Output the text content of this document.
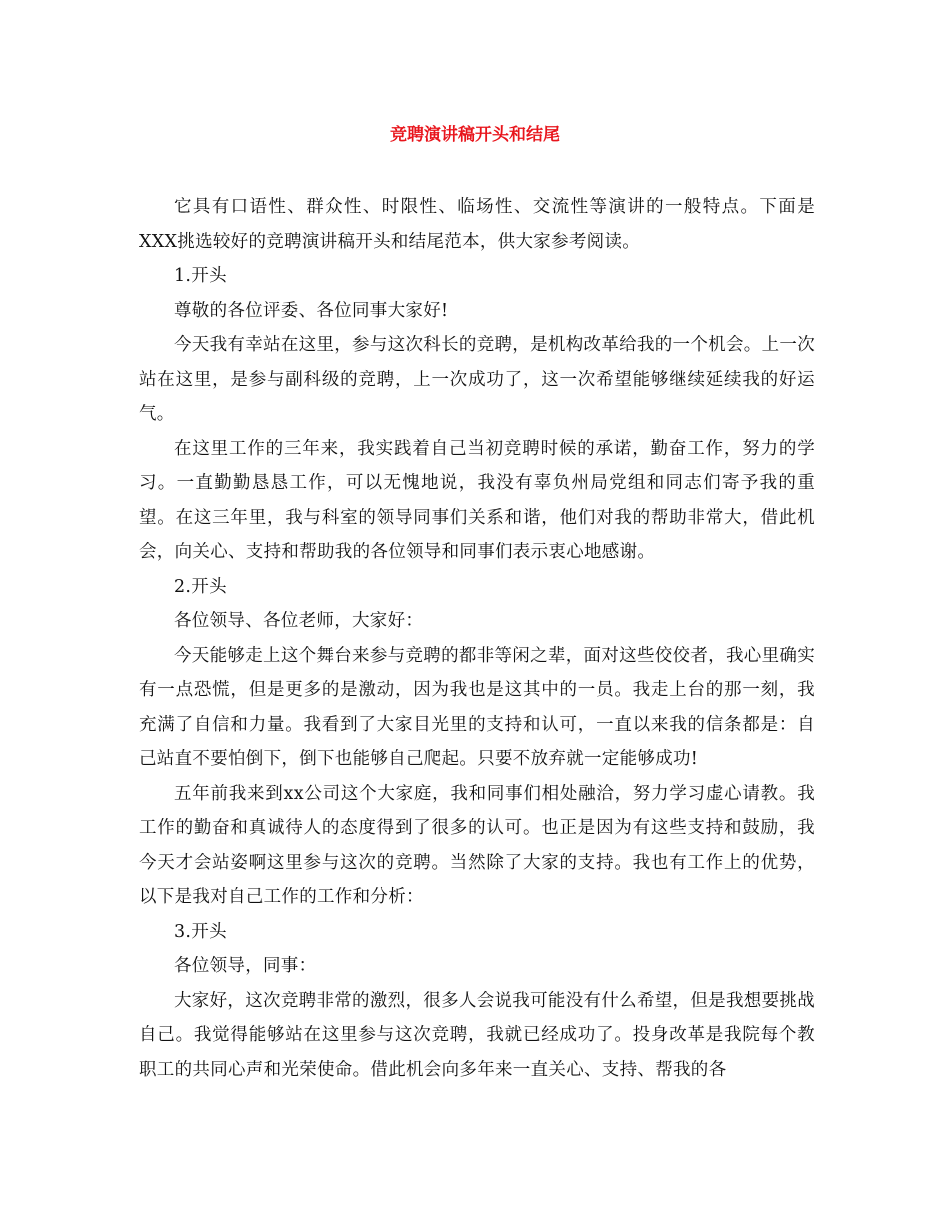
竞聘演讲稿开头和结尾

它具有口语性、群众性、时限性、临场性、交流性等演讲的一般特点。下面是XXX挑选较好的竞聘演讲稿开头和结尾范本，供大家参考阅读。

1.开头

尊敬的各位评委、各位同事大家好!

今天我有幸站在这里，参与这次科长的竞聘，是机构改革给我的一个机会。上一次站在这里，是参与副科级的竞聘，上一次成功了，这一次希望能够继续延续我的好运气。

在这里工作的三年来，我实践着自己当初竞聘时候的承诺，勤奋工作，努力的学习。一直勤勤恳恳工作，可以无愧地说，我没有辜负州局党组和同志们寄予我的重望。在这三年里，我与科室的领导同事们关系和谐，他们对我的帮助非常大，借此机会，向关心、支持和帮助我的各位领导和同事们表示衷心地感谢。

2.开头

各位领导、各位老师，大家好：

今天能够走上这个舞台来参与竞聘的都非等闲之辈，面对这些佼佼者，我心里确实有一点恐慌，但是更多的是激动，因为我也是这其中的一员。我走上台的那一刻，我充满了自信和力量。我看到了大家目光里的支持和认可，一直以来我的信条都是：自己站直不要怕倒下，倒下也能够自己爬起。只要不放弃就一定能够成功!

五年前我来到xx公司这个大家庭，我和同事们相处融洽，努力学习虚心请教。我工作的勤奋和真诚待人的态度得到了很多的认可。也正是因为有这些支持和鼓励，我今天才会站姿啊这里参与这次的竞聘。当然除了大家的支持。我也有工作上的优势，以下是我对自己工作的工作和分析：

3.开头

各位领导，同事：

大家好，这次竞聘非常的激烈，很多人会说我可能没有什么希望，但是我想要挑战自己。我觉得能够站在这里参与这次竞聘，我就已经成功了。投身改革是我院每个教职工的共同心声和光荣使命。借此机会向多年来一直关心、支持、帮我的各
